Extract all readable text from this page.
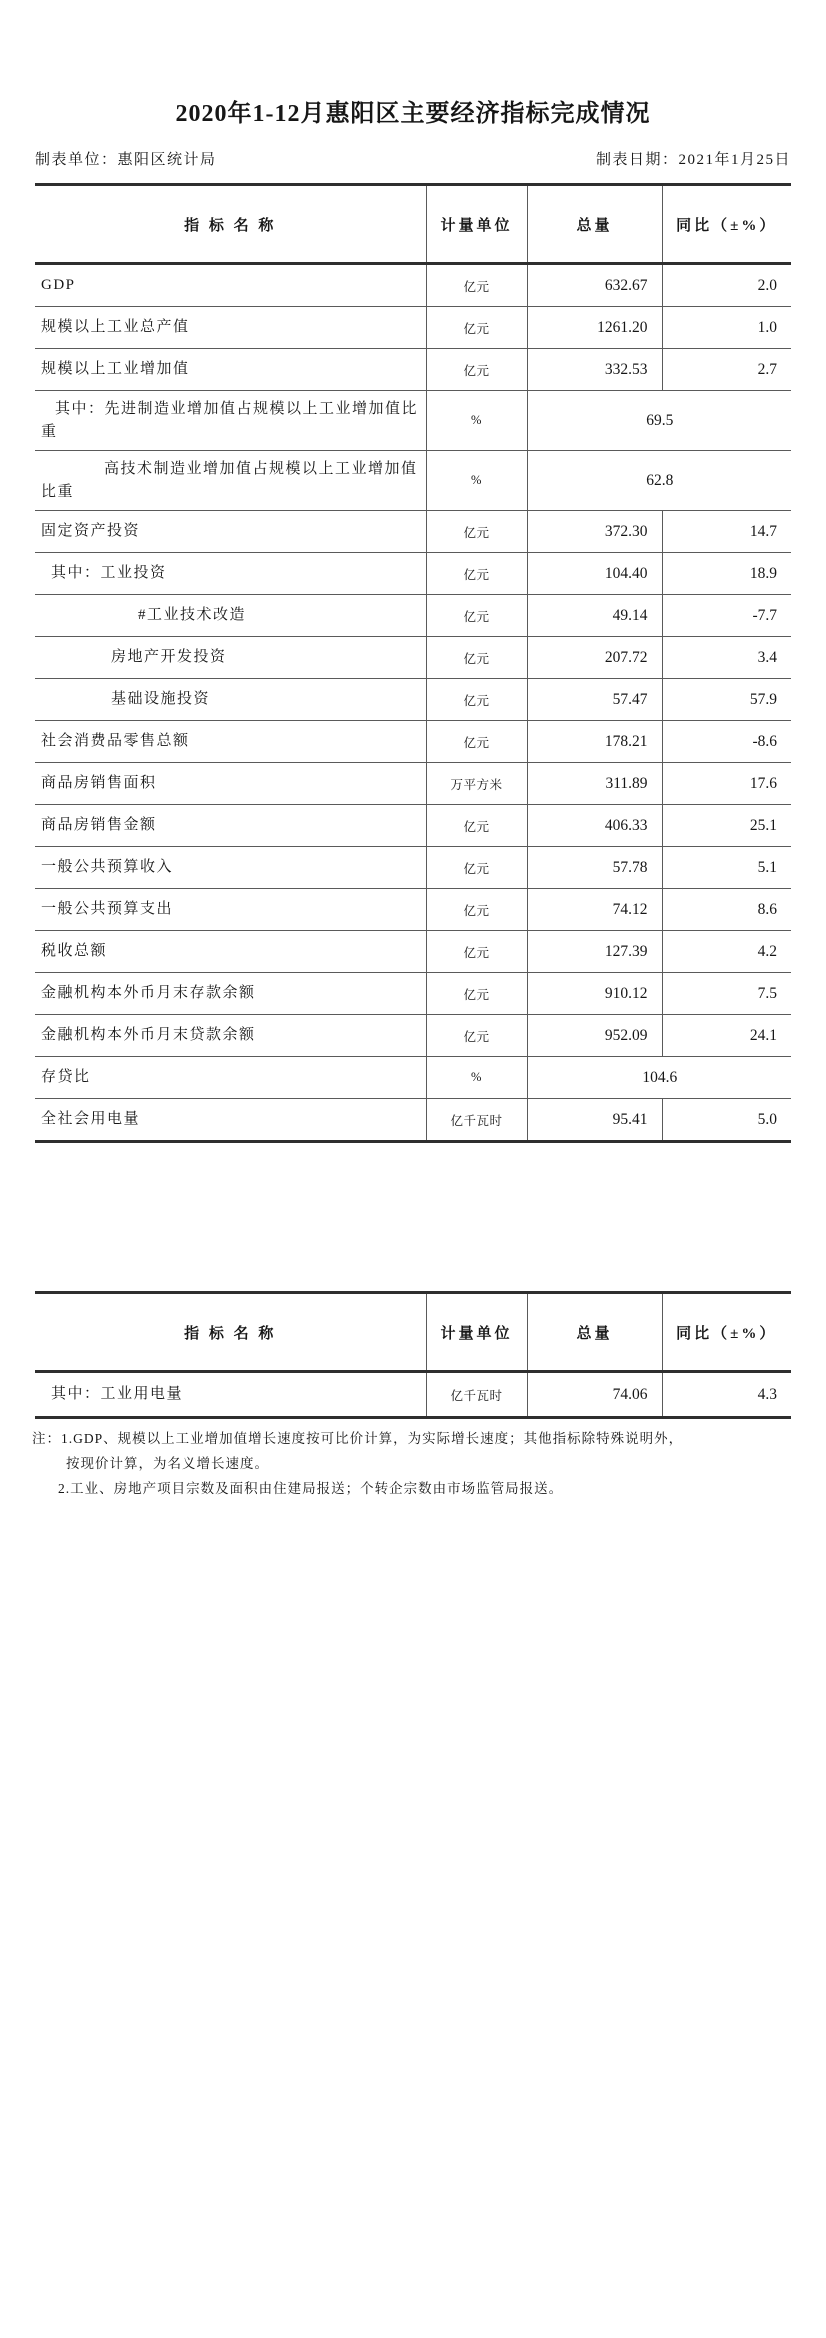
2020年1-12月惠阳区主要经济指标完成情况
制表单位：惠阳区统计局	制表日期：2021年1月25日
指 标 名 称	计量单位	总量	同比（±%）
GDP	亿元	632.67	2.0
规模以上工业总产值	亿元	1261.20	1.0
规模以上工业增加值	亿元	332.53	2.7
其中：先进制造业增加值占规模以上工业增加值比重	%	69.5	
高技术制造业增加值占规模以上工业增加值比重	%	62.8	
固定资产投资	亿元	372.30	14.7
其中：工业投资	亿元	104.40	18.9
#工业技术改造	亿元	49.14	-7.7
房地产开发投资	亿元	207.72	3.4
基础设施投资	亿元	57.47	57.9
社会消费品零售总额	亿元	178.21	-8.6
商品房销售面积	万平方米	311.89	17.6
商品房销售金额	亿元	406.33	25.1
一般公共预算收入	亿元	57.78	5.1
一般公共预算支出	亿元	74.12	8.6
税收总额	亿元	127.39	4.2
金融机构本外币月末存款余额	亿元	910.12	7.5
金融机构本外币月末贷款余额	亿元	952.09	24.1
存贷比	%	104.6	
全社会用电量	亿千瓦时	95.41	5.0
指 标 名 称	计量单位	总量	同比（±%）
其中：工业用电量	亿千瓦时	74.06	4.3
注：1.GDP、规模以上工业增加值增长速度按可比价计算，为实际增长速度；其他指标除特殊说明外，
按现价计算，为名义增长速度。
2.工业、房地产项目宗数及面积由住建局报送；个转企宗数由市场监管局报送。
